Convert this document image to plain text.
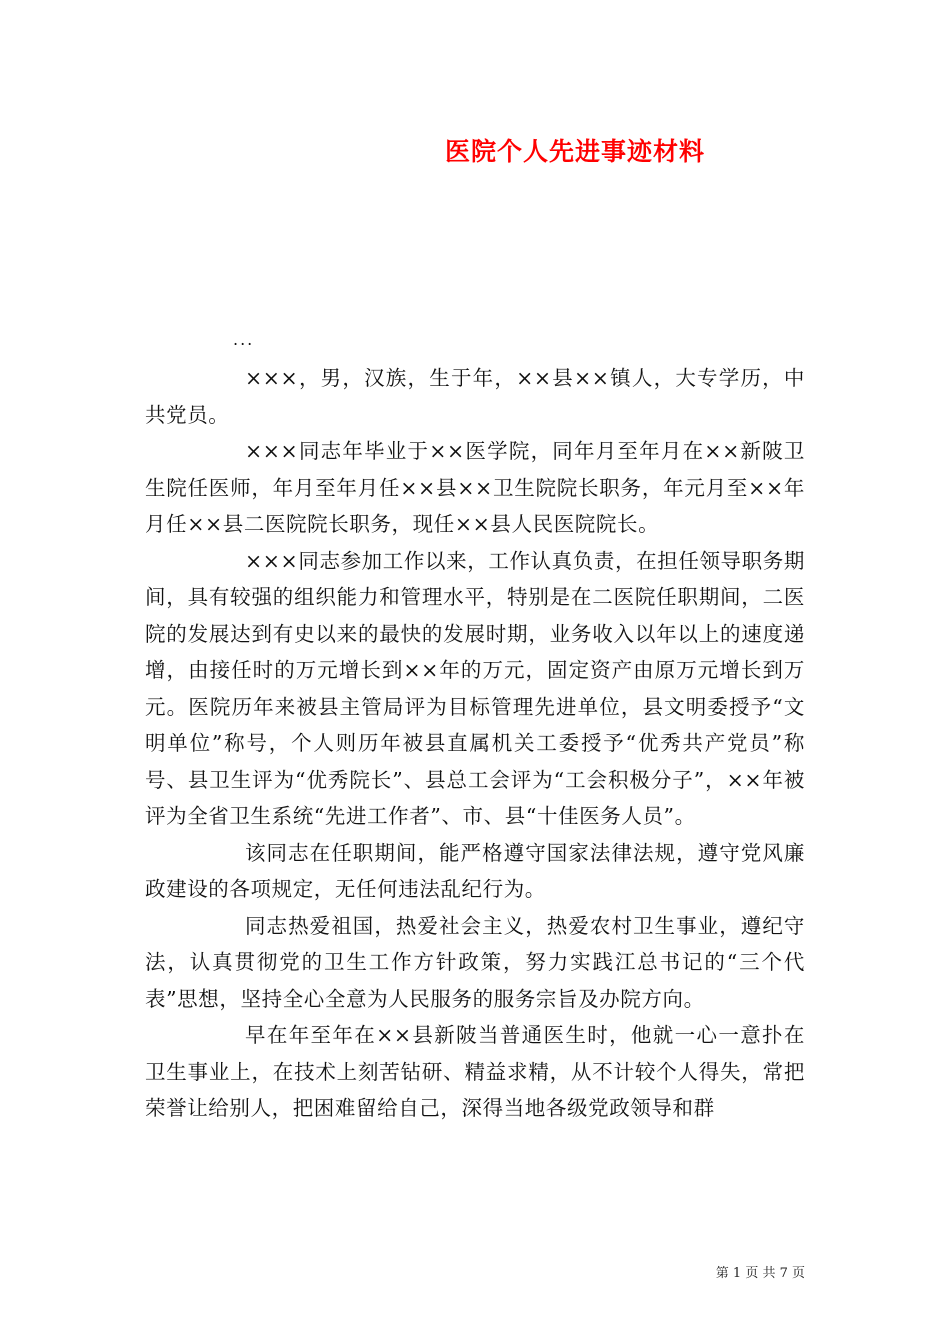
医院个人先进事迹材料
...

×××，男，汉族，生于年，××县××镇人，大专学历，中共党员。

×××同志年毕业于××医学院，同年月至年月在××新陂卫生院任医师，年月至年月任××县××卫生院院长职务，年元月至××年月任××县二医院院长职务，现任××县人民医院院长。

×××同志参加工作以来，工作认真负责，在担任领导职务期间，具有较强的组织能力和管理水平，特别是在二医院任职期间，二医院的发展达到有史以来的最快的发展时期，业务收入以年以上的速度递增，由接任时的万元增长到××年的万元，固定资产由原万元增长到万元。医院历年来被县主管局评为目标管理先进单位，县文明委授予“文明单位”称号，个人则历年被县直属机关工委授予“优秀共产党员”称号、县卫生评为“优秀院长”、县总工会评为“工会积极分子”，××年被评为全省卫生系统“先进工作者”、市、县“十佳医务人员”。

该同志在任职期间，能严格遵守国家法律法规，遵守党风廉政建设的各项规定，无任何违法乱纪行为。

同志热爱祖国，热爱社会主义，热爱农村卫生事业，遵纪守法，认真贯彻党的卫生工作方针政策，努力实践江总书记的“三个代表”思想，坚持全心全意为人民服务的服务宗旨及办院方向。

早在年至年在××县新陂当普通医生时，他就一心一意扑在卫生事业上，在技术上刻苦钻研、精益求精，从不计较个人得失，常把荣誉让给别人，把困难留给自己，深得当地各级党政领导和群

第 1 页 共 7 页
